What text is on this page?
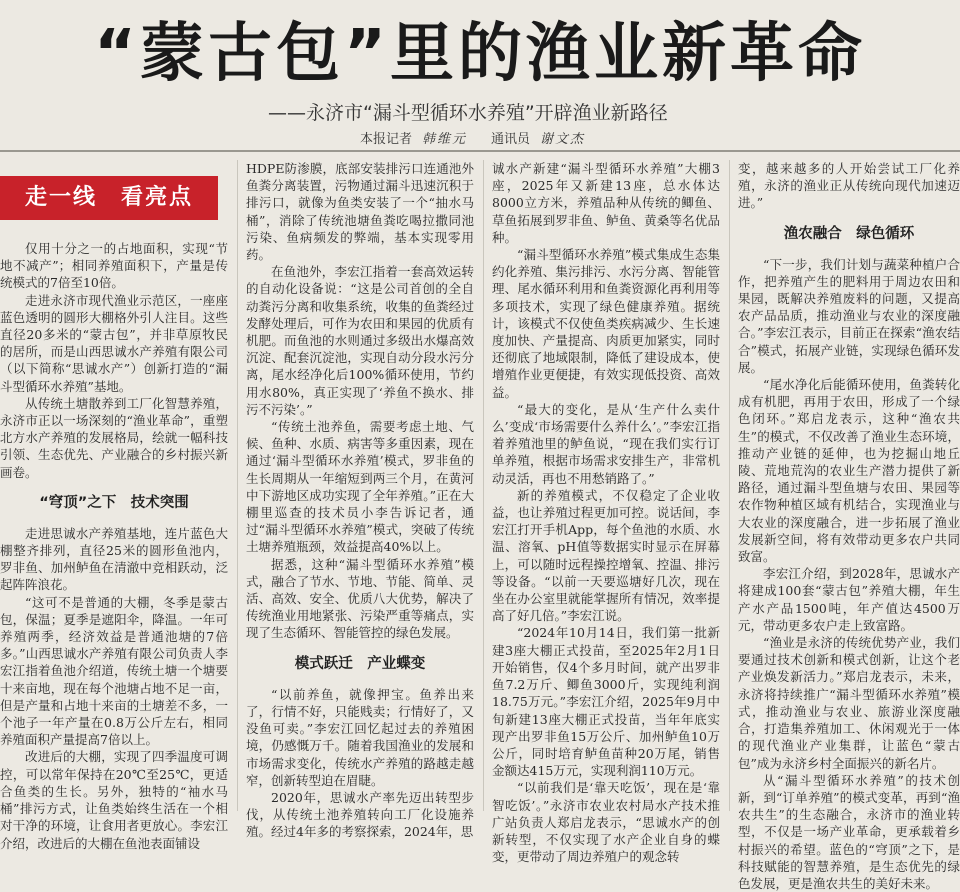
“蒙古包”里的渔业新革命
——永济市“漏斗型循环水养殖”开辟渔业新路径
本报记者 韩维元 通讯员 谢文杰
走一线　看亮点

仅用十分之一的占地面积，实现“节地不减产”；相同养殖面积下，产量是传统模式的7倍至10倍。

走进永济市现代渔业示范区，一座座蓝色透明的圆形大棚格外引人注目。这些直径20多米的“蒙古包”，并非草原牧民的居所，而是山西思诚水产养殖有限公司（以下简称“思诚水产”）创新打造的“漏斗型循环水养殖”基地。

从传统土塘散养到工厂化智慧养殖，永济市正以一场深刻的“渔业革命”，重塑北方水产养殖的发展格局，绘就一幅科技引领、生态优先、产业融合的乡村振兴新画卷。

“穹顶”之下　技术突围

走进思诚水产养殖基地，连片蓝色大棚整齐排列，直径25米的圆形鱼池内，罗非鱼、加州鲈鱼在清澈中竞相跃动，泛起阵阵浪花。

“这可不是普通的大棚，冬季是蒙古包，保温；夏季是遮阳伞，降温。一年可养殖两季，经济效益是普通池塘的7倍多。”山西思诚水产养殖有限公司负责人李宏江指着鱼池介绍道，传统土塘一个塘要十来亩地，现在每个池塘占地不足一亩，但是产量和占地十来亩的土塘差不多，一个池子一年产量在0.8万公斤左右，相同养殖面积产量提高7倍以上。

改进后的大棚，实现了四季温度可调控，可以常年保持在20℃至25℃，更适合鱼类的生长。另外，独特的“袖水马桶”排污方式，让鱼类始终生活在一个相对干净的环境，让食用者更放心。李宏江介绍，改进后的大棚在鱼池表面铺设

HDPE防渗膜，底部安装排污口连通池外鱼粪分离装置，污物通过漏斗迅速沉积于排污口，就像为鱼类安装了一个“抽水马桶”，消除了传统池塘鱼粪吃喝拉撒同池污染、鱼病频发的弊端，基本实现零用药。

在鱼池外，李宏江指着一套高效运转的自动化设备说：“这是公司首创的全自动粪污分离和收集系统，收集的鱼粪经过发酵处理后，可作为农田和果园的优质有机肥。而鱼池的水则通过多级出水爆高效沉淀、配套沉淀池，实现自动分段水污分离，尾水经净化后100%循环使用，节约用水80%，真正实现了‘养鱼不换水、排污不污染’。”

“传统土池养鱼，需要考虑土地、气候、鱼种、水质、病害等多重因素，现在通过‘漏斗型循环水养殖’模式，罗非鱼的生长周期从一年缩短到两三个月，在黄河中下游地区成功实现了全年养殖。”正在大棚里巡查的技术员小李告诉记者，通过“漏斗型循环水养殖”模式，突破了传统土塘养殖瓶颈，效益提高40%以上。

据悉，这种“漏斗型循环水养殖”模式，融合了节水、节地、节能、简单、灵活、高效、安全、优质八大优势，解决了传统渔业用地紧张、污染严重等痛点，实现了生态循环、智能管控的绿色发展。

模式跃迁　产业蝶变

“以前养鱼，就像押宝。鱼养出来了，行情不好，只能贱卖；行情好了，又没鱼可卖。”李宏江回忆起过去的养殖困境，仍感慨万千。随着我国渔业的发展和市场需求变化，传统水产养殖的路越走越窄，创新转型迫在眉睫。

2020年，思诚水产率先迈出转型步伐，从传统土池养殖转向工厂化设施养殖。经过4年多的考察探索，2024年，思

诚水产新建“漏斗型循环水养殖”大棚3座，2025年又新建13座，总水体达8000立方米，养殖品种从传统的鲫鱼、草鱼拓展到罗非鱼、鲈鱼、黄桑等名优品种。

“漏斗型循环水养殖”模式集成生态集约化养殖、集污排污、水污分离、智能管理、尾水循环利用和鱼粪资源化再利用等多项技术，实现了绿色健康养殖。据统计，该模式不仅使鱼类疾病减少、生长速度加快、产量提高、肉质更加紧实，同时还彻底了地域限制，降低了建设成本，使增殖作业更便捷，有效实现低投资、高效益。

“最大的变化，是从‘生产什么卖什么’变成‘市场需要什么养什么’。”李宏江指着养殖池里的鲈鱼说，“现在我们实行订单养殖，根据市场需求安排生产，非常机动灵活，再也不用愁销路了。”

新的养殖模式，不仅稳定了企业收益，也让养殖过程更加可控。说话间，李宏江打开手机App，每个鱼池的水质、水温、溶氧、pH值等数据实时显示在屏幕上，可以随时远程操控增氧、控温、排污等设备。“以前一天要巡塘好几次，现在坐在办公室里就能掌握所有情况，效率提高了好几倍。”李宏江说。

“2024年10月14日，我们第一批新建3座大棚正式投苗，至2025年2月1日开始销售，仅4个多月时间，就产出罗非鱼7.2万斤、鲫鱼3000斤，实现纯利润18.75万元。”李宏江介绍，2025年9月中旬新建13座大棚正式投苗，当年年底实现产出罗非鱼15万公斤、加州鲈鱼10万公斤，同时培育鲈鱼苗种20万尾，销售金额达415万元，实现利润110万元。

“以前我们是‘靠天吃饭’，现在是‘靠智吃饭’。”永济市农业农村局水产技术推广站负责人郑启龙表示，“思诚水产的创新转型，不仅实现了水产企业自身的蝶变，更带动了周边养殖户的观念转

变，越来越多的人开始尝试工厂化养殖，永济的渔业正从传统向现代加速迈进。”

渔农融合　绿色循环

“下一步，我们计划与蔬菜种植户合作，把养殖产生的肥料用于周边农田和果园，既解决养殖废料的问题，又提高农产品品质，推动渔业与农业的深度融合。”李宏江表示，目前正在探索“渔农结合”模式，拓展产业链，实现绿色循环发展。

“尾水净化后能循环使用，鱼粪转化成有机肥，再用于农田，形成了一个绿色闭环。”郑启龙表示，这种“渔农共生”的模式，不仅改善了渔业生态环境，推动产业链的延伸，也为挖掘山地丘陵、荒地荒沟的农业生产潜力提供了新路径，通过漏斗型鱼塘与农田、果园等农作物种植区域有机结合，实现渔业与大农业的深度融合，进一步拓展了渔业发展新空间，将有效带动更多农户共同致富。

李宏江介绍，到2028年，思诚水产将建成100套“蒙古包”养殖大棚，年生产水产品1500吨，年产值达4500万元，带动更多农户走上致富路。

“渔业是永济的传统优势产业，我们要通过技术创新和模式创新，让这个老产业焕发新活力。”郑启龙表示，未来，永济将持续推广“漏斗型循环水养殖”模式，推动渔业与农业、旅游业深度融合，打造集养殖加工、休闲观光于一体的现代渔业产业集群，让蓝色“蒙古包”成为永济乡村全面振兴的新名片。

从“漏斗型循环水养殖”的技术创新，到“订单养殖”的模式变革，再到“渔农共生”的生态融合，永济市的渔业转型，不仅是一场产业革命，更承载着乡村振兴的希望。蓝色的“穹顶”之下，是科技赋能的智慧养殖，是生态优先的绿色发展，更是渔农共生的美好未来。
